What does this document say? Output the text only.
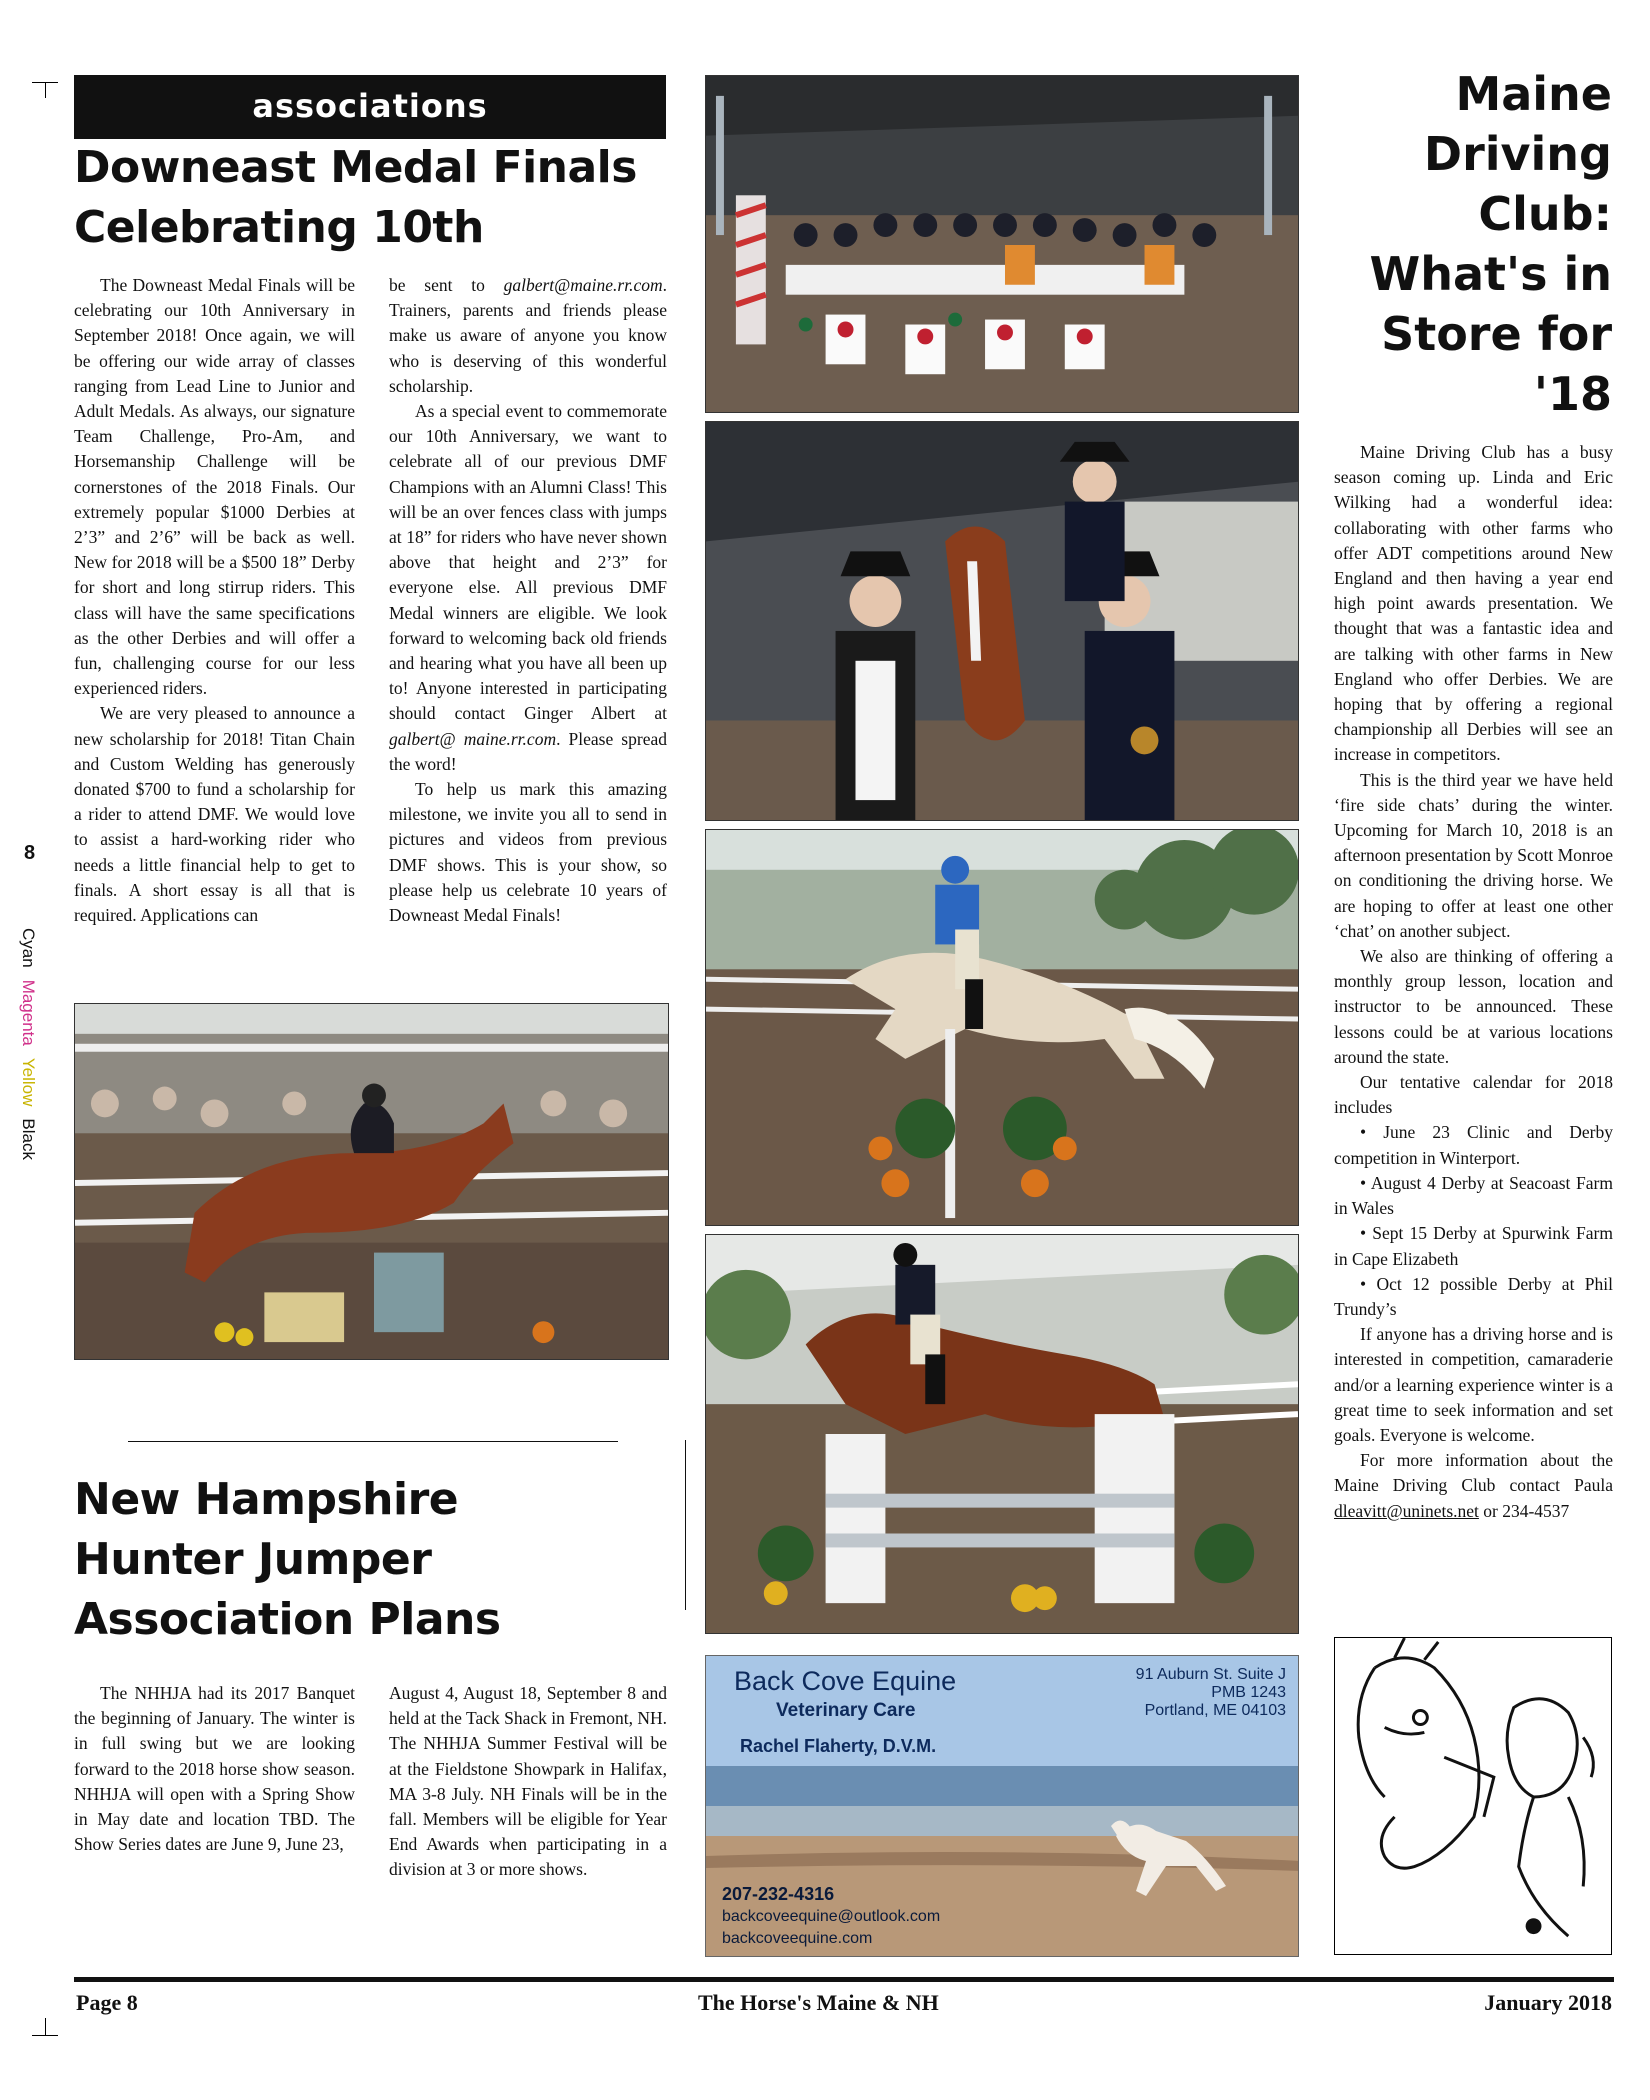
8
CyanMagentaYellowBlack
associations
Downeast Medal Finals
Celebrating 10th

The Downeast Medal Finals will be celebrating our 10th Anniversary in September 2018! Once again, we will be offering our wide array of classes ranging from Lead Line to Junior and Adult Medals. As always, our signature Team Challenge, Pro-Am, and Horsemanship Challenge will be cornerstones of the 2018 Finals. Our extremely popular $1000 Derbies at 2’3” and 2’6” will be back as well. New for 2018 will be a $500 18” Derby for short and long stirrup riders. This class will have the same specifications as the other Derbies and will offer a fun, challenging course for our less experienced riders.

We are very pleased to announce a new scholarship for 2018! Titan Chain and Custom Welding has generously donated $700 to fund a scholarship for a rider to attend DMF. We would love to assist a hard-working rider who needs a little financial help to get to finals. A short essay is all that is required. Applications can

be sent to galbert@maine.rr.com. Trainers, parents and friends please make us aware of anyone you know who is deserving of this wonderful scholarship.

As a special event to commemorate our 10th Anniversary, we want to celebrate all of our previous DMF Champions with an Alumni Class! This will be an over fences class with jumps at 18” for riders who have never shown above that height and 2’3” for everyone else. All previous DMF Medal winners are eligible. We look forward to welcoming back old friends and hearing what you have all been up to! Anyone interested in participating should contact Ginger Albert at galbert@ maine.rr.com. Please spread the word!

To help us mark this amazing milestone, we invite you all to send in pictures and videos from previous DMF shows. This is your show, so please help us celebrate 10 years of Downeast Medal Finals!

New Hampshire
Hunter Jumper
Association Plans

The NHHJA had its 2017 Banquet the beginning of January. The winter is in full swing but we are looking forward to the 2018 horse show season. NHHJA will open with a Spring Show in May date and location TBD. The Show Series dates are June 9, June 23,

August 4, August 18, September 8 and held at the Tack Shack in Fremont, NH. The NHHJA Summer Festival will be at the Fieldstone Showpark in Halifax, MA 3-8 July. NH Finals will be in the fall. Members will be eligible for Year End Awards when participating in a division at 3 or more shows.

Maine
Driving
Club:
What's in
Store for
'18

Maine Driving Club has a busy season coming up. Linda and Eric Wilking had a wonderful idea: collaborating with other farms who offer ADT competitions around New England and then having a year end high point awards presentation. We thought that was a fantastic idea and are talking with other farms in New England who offer Derbies. We are hoping that by offering a regional championship all Derbies will see an increase in competitors.

This is the third year we have held ‘fire side chats’ during the winter. Upcoming for March 10, 2018 is an afternoon presentation by Scott Monroe on conditioning the driving horse. We are hoping to offer at least one other ‘chat’ on another subject.

We also are thinking of offering a monthly group lesson, location and instructor to be announced. These lessons could be at various locations around the state.

Our tentative calendar for 2018 includes

• June 23 Clinic and Derby competition in Winterport.

• August 4 Derby at Seacoast Farm in Wales

• Sept 15 Derby at Spurwink Farm in Cape Elizabeth

• Oct 12 possible Derby at Phil Trundy’s

If anyone has a driving horse and is interested in competition, camaraderie and/or a learning experience winter is a great time to seek information and set goals. Everyone is welcome.

For more information about the Maine Driving Club contact Paula dleavitt@uninets.net or 234-4537

Back Cove Equine
Veterinary Care
Rachel Flaherty, D.V.M.
91 Auburn St. Suite J
PMB 1243
Portland, ME 04103
207-232-4316
backcoveequine@outlook.com
backcoveequine.com
Page 8	The Horse's Maine & NH	January 2018
